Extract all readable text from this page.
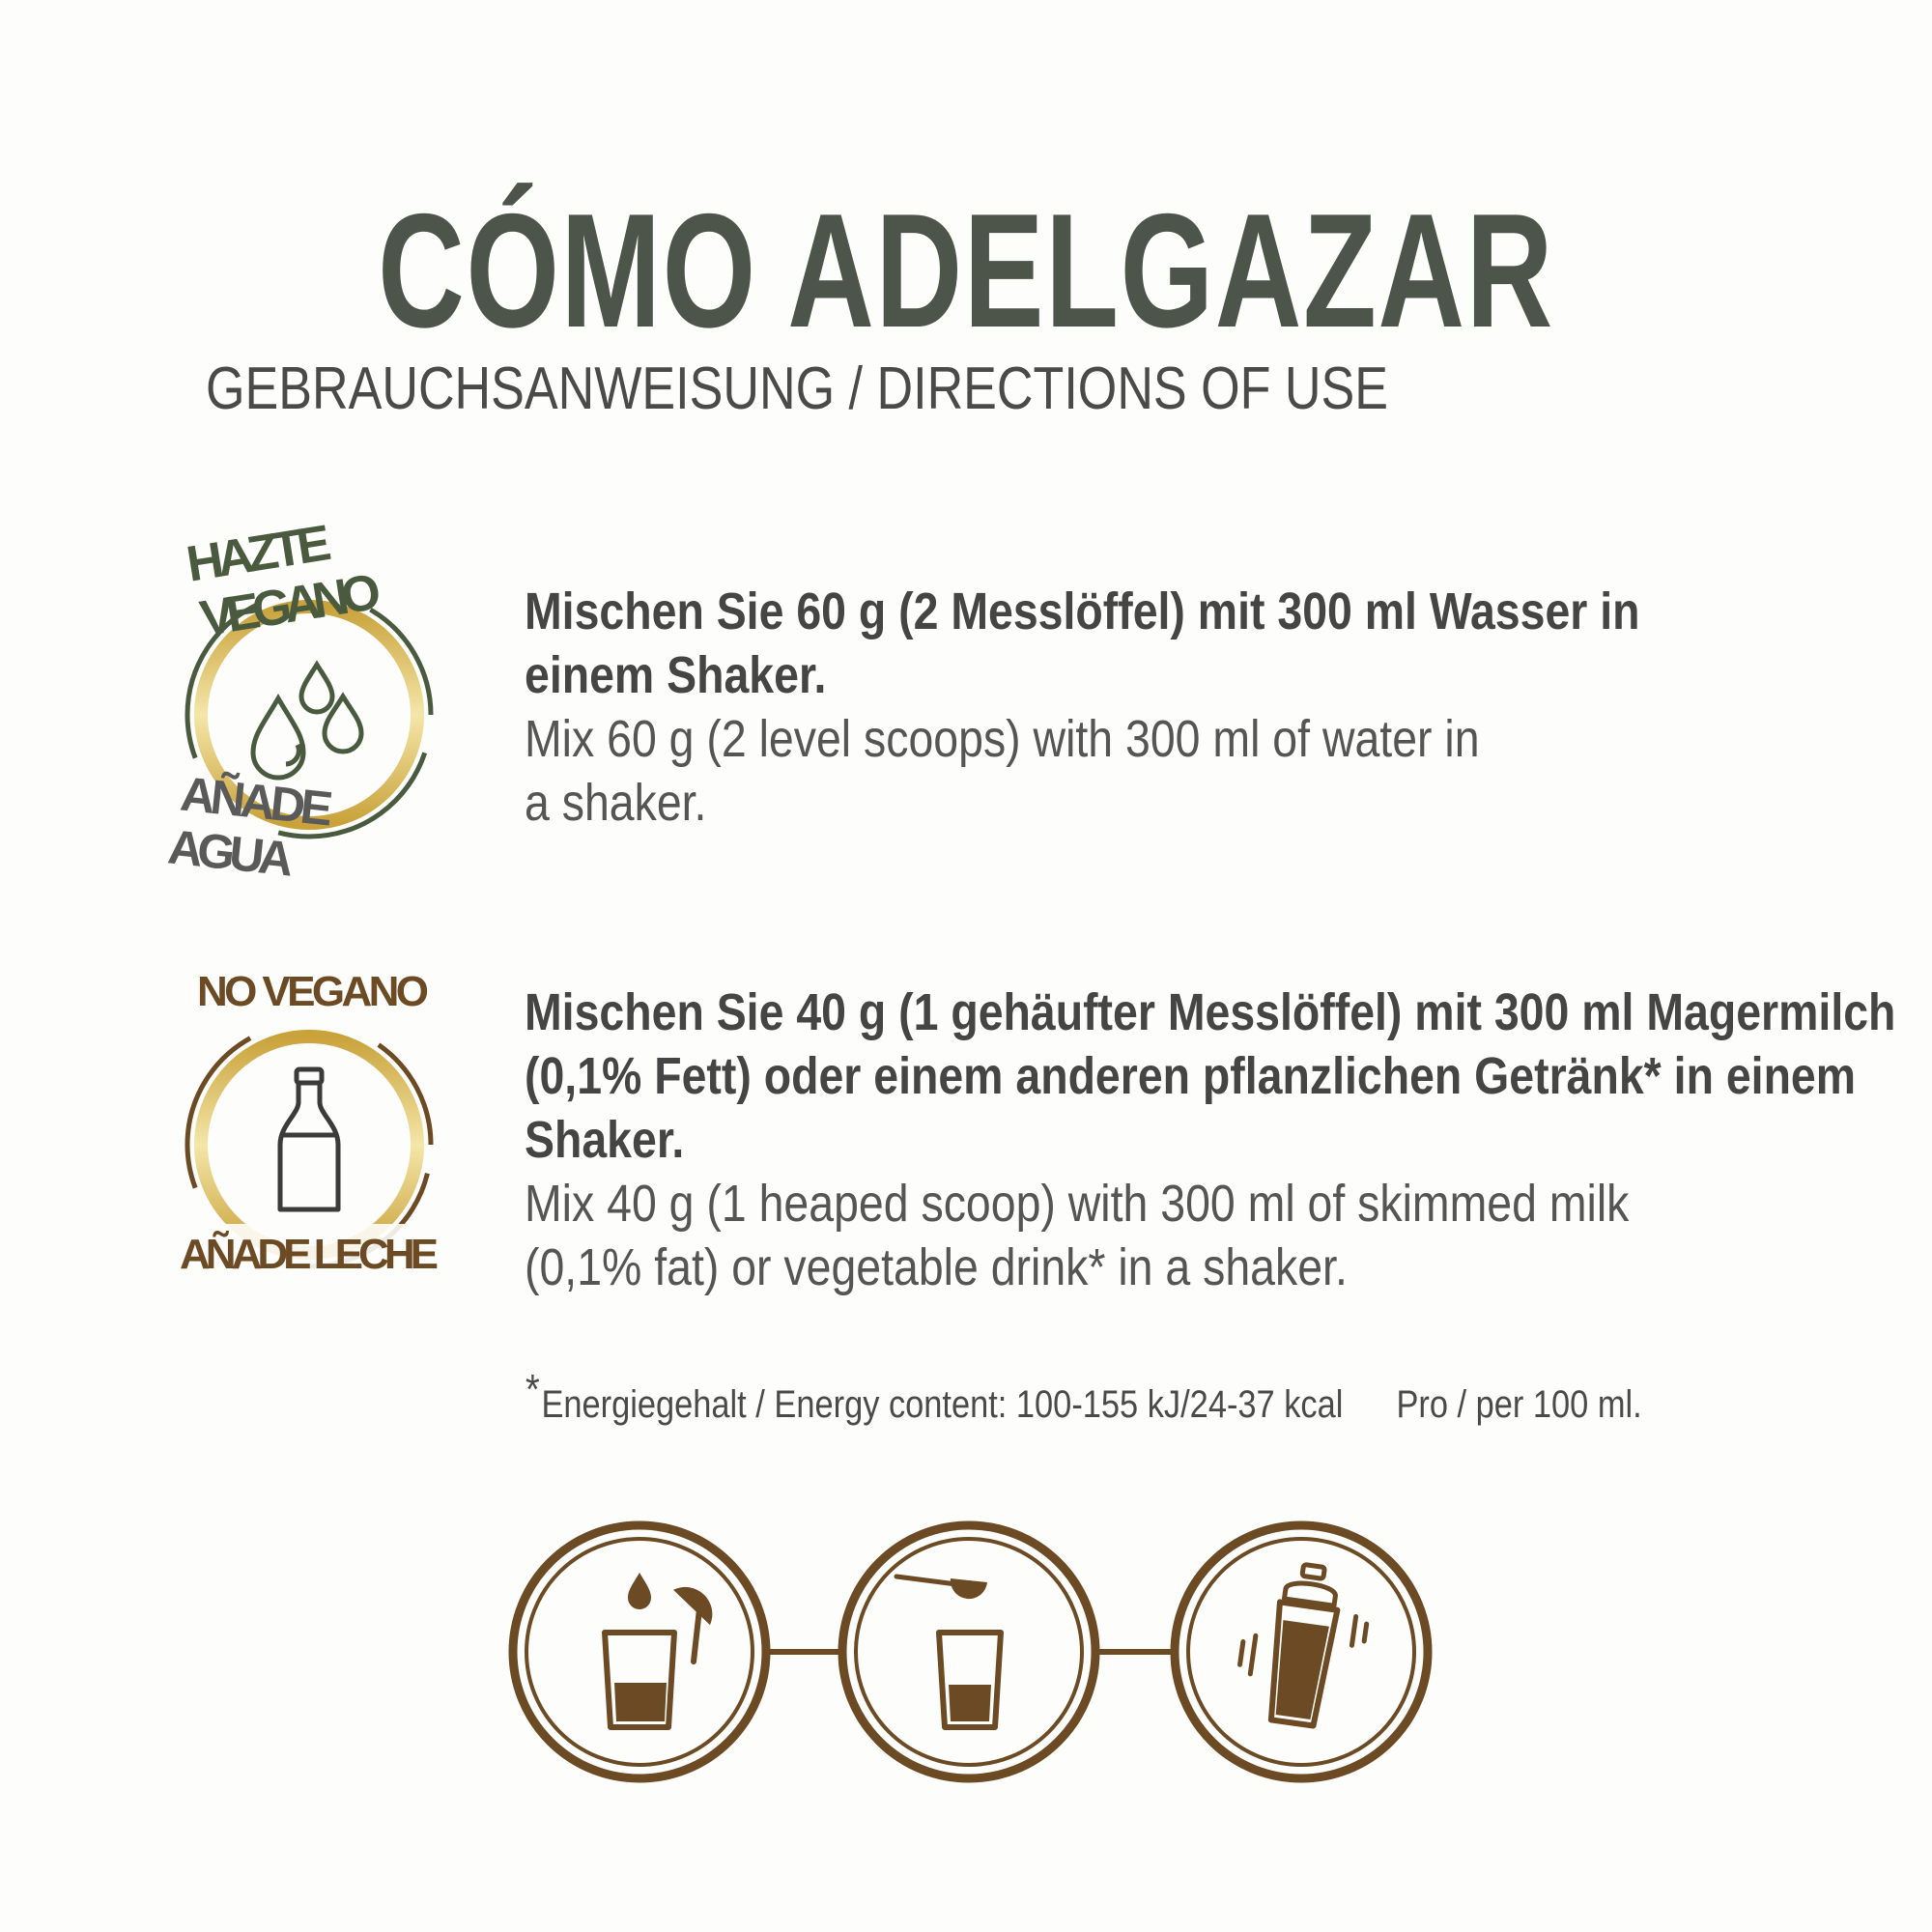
CÓMO ADELGAZAR
GEBRAUCHSANWEISUNG / DIRECTIONS OF USE
HAZTE
VEGANO
AÑADE
AGUA
NO VEGANO
AÑADE LECHE
Mischen Sie 60 g (2 Messlöffel) mit 300 ml Wasser in
einem Shaker.
Mix 60 g (2 level scoops) with 300 ml of water in
a shaker.
Mischen Sie 40 g (1 gehäufter Messlöffel) mit 300 ml Magermilch
(0,1% Fett) oder einem anderen pflanzlichen Getränk* in einem
Shaker.
Mix 40 g (1 heaped scoop) with 300 ml of skimmed milk
(0,1% fat) or vegetable drink* in a shaker.
*Energiegehalt / Energy content: 100-155 kJ/24-37 kcal Pro / per 100 ml.
